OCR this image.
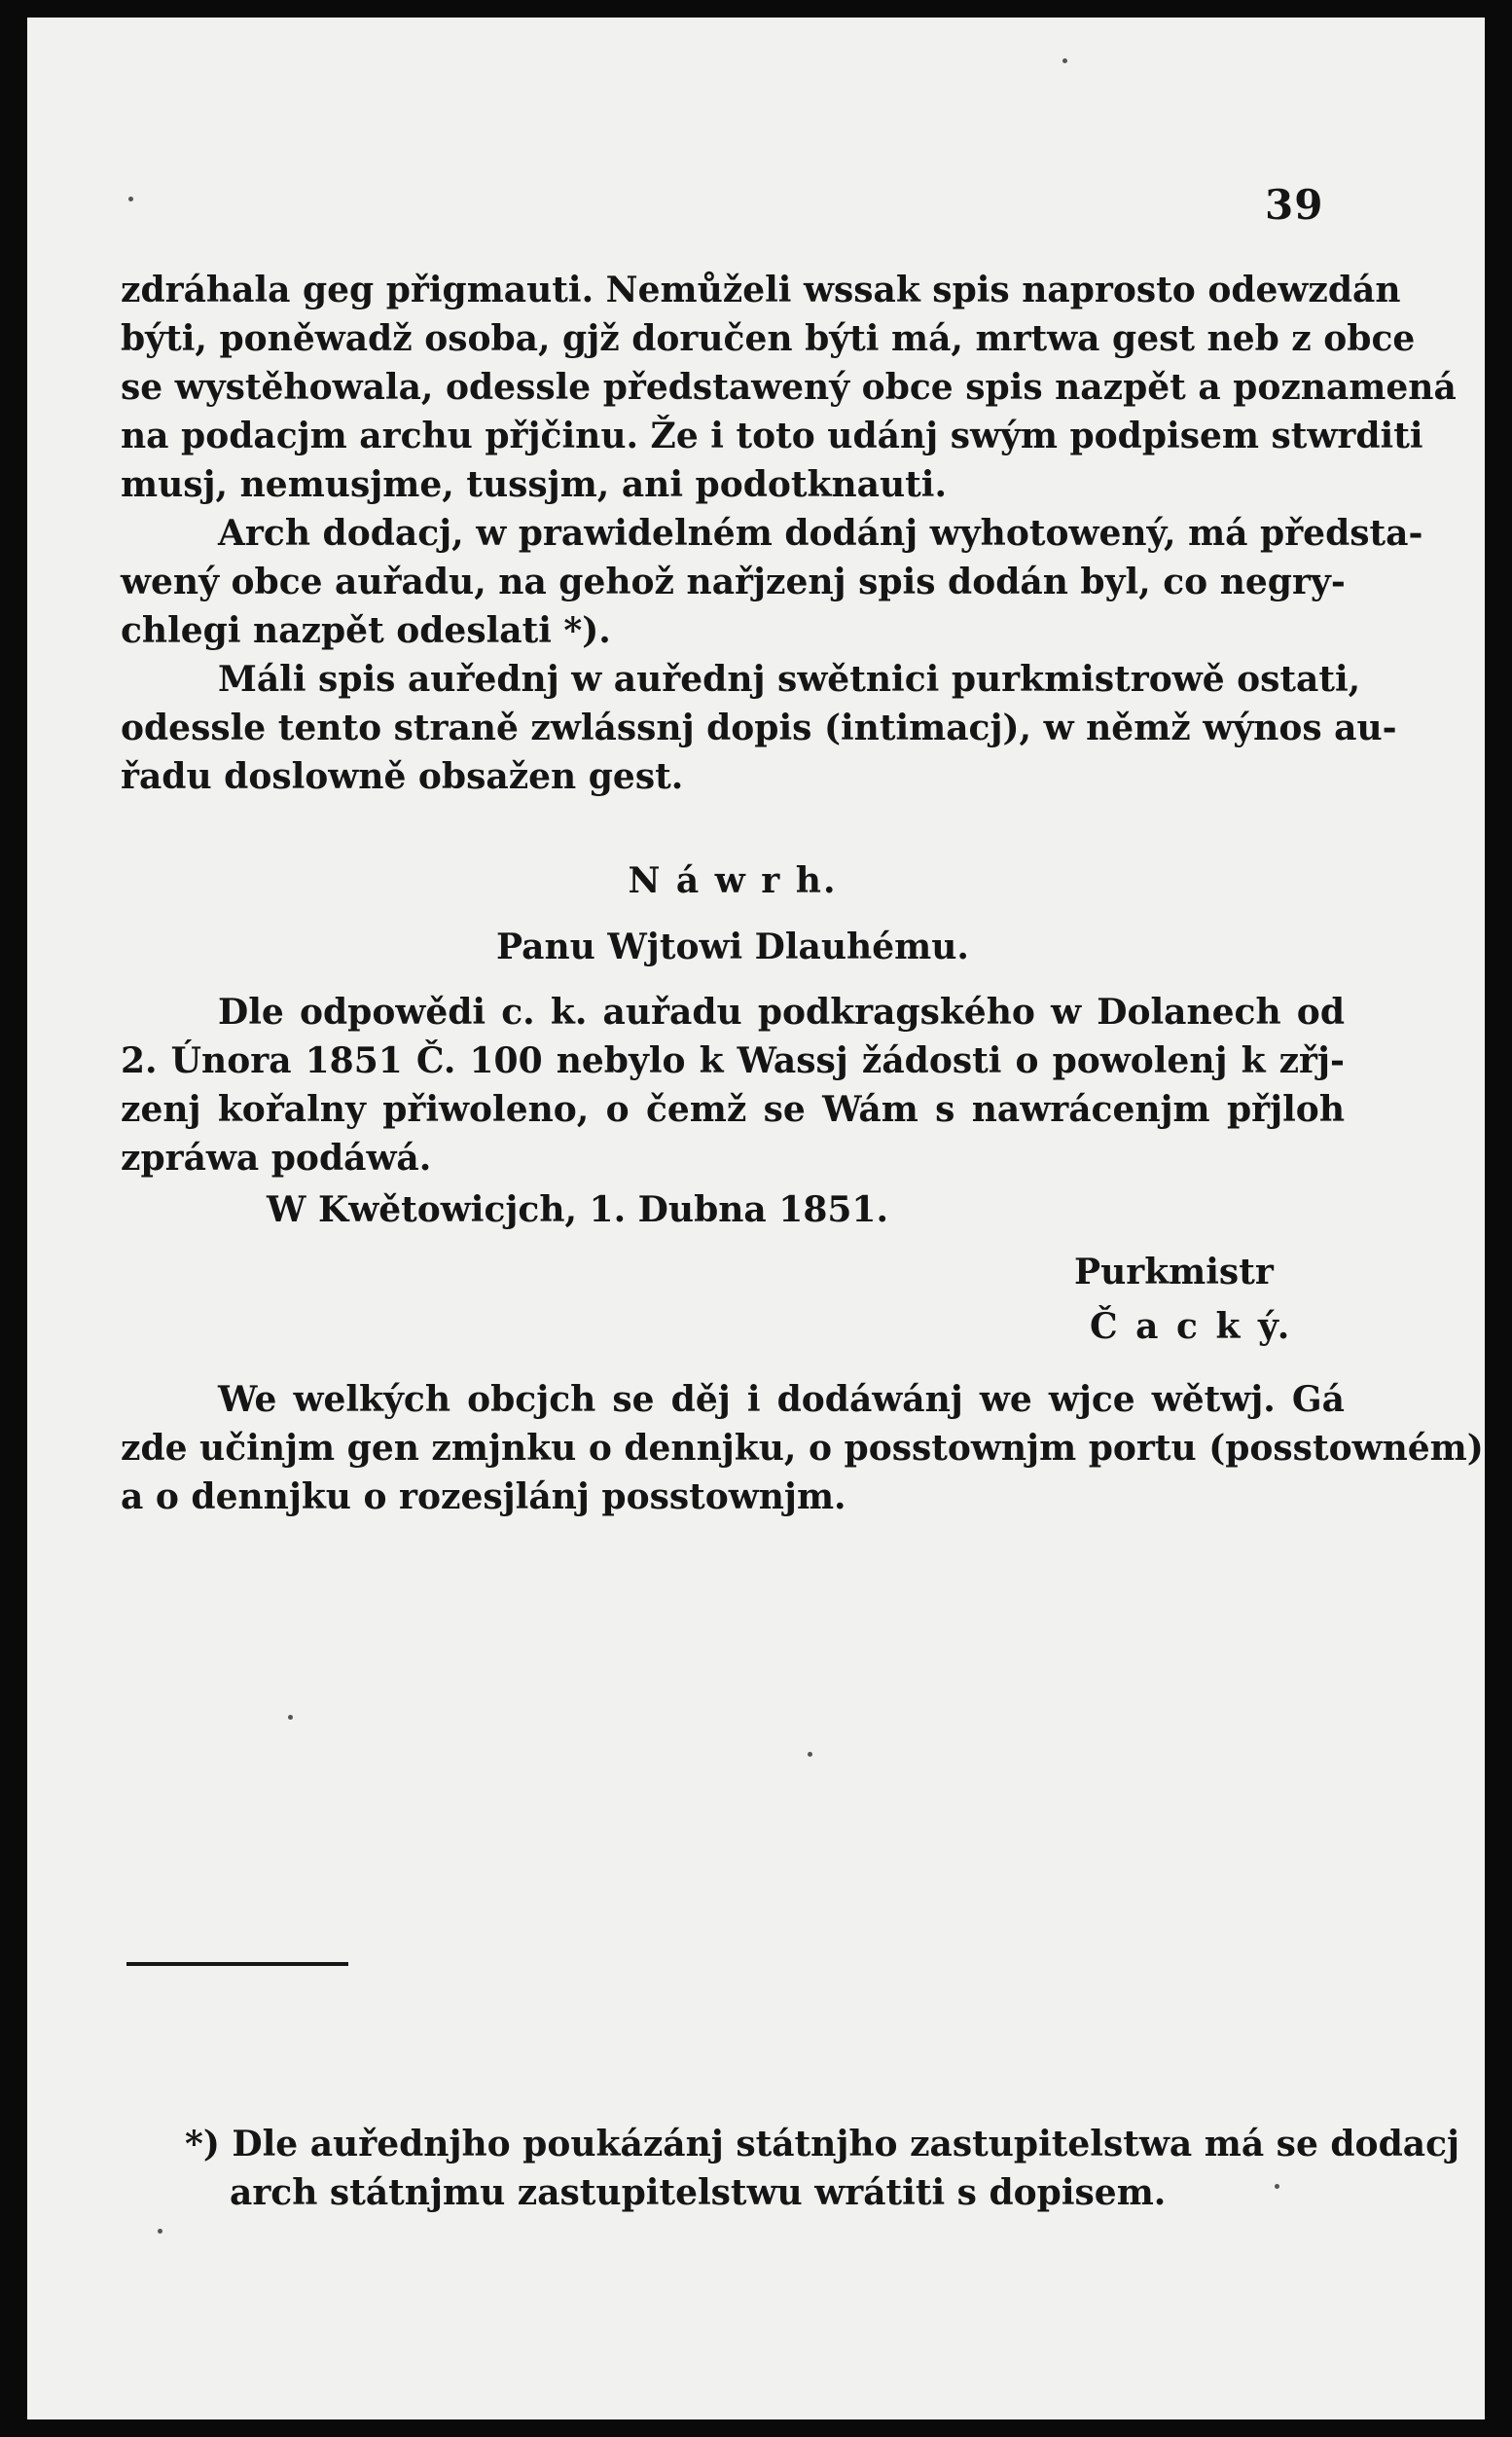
39
zdráhala geg přigmauti. Nemůželi wssak spis naprosto odewzdán
býti, poněwadž osoba, gjž doručen býti má, mrtwa gest neb z obce
se wystěhowala, odessle předstawený obce spis nazpět a poznamená
na podacjm archu přjčinu. Že i toto udánj swým podpisem stwrditi
musj, nemusjme, tussjm, ani podotknauti.
Arch dodacj, w prawidelném dodánj wyhotowený, má předsta-
wený obce auřadu, na gehož nařjzenj spis dodán byl, co negry-
chlegi nazpět odeslati *).
Máli spis auřednj w auřednj swětnici purkmistrowě ostati,
odessle tento straně zwlássnj dopis (intimacj), w němž wýnos au-
řadu doslowně obsažen gest.
N á w r h.
Panu Wjtowi Dlauhému.
Dle odpowědi c. k. auřadu podkragského w Dolanech od
2. Února 1851 Č. 100 nebylo k Wassj žádosti o powolenj k zřj-
zenj kořalny přiwoleno, o čemž se Wám s nawrácenjm přjloh
zpráwa podáwá.
W Kwětowicjch, 1. Dubna 1851.
Purkmistr
Č a c k ý.
We welkých obcjch se děj i dodáwánj we wjce wětwj. Gá
zde učinjm gen zmjnku o dennjku, o posstownjm portu (posstowném)
a o dennjku o rozesjlánj posstownjm.
*) Dle auřednjho poukázánj státnjho zastupitelstwa má se dodacj
arch státnjmu zastupitelstwu wrátiti s dopisem.
